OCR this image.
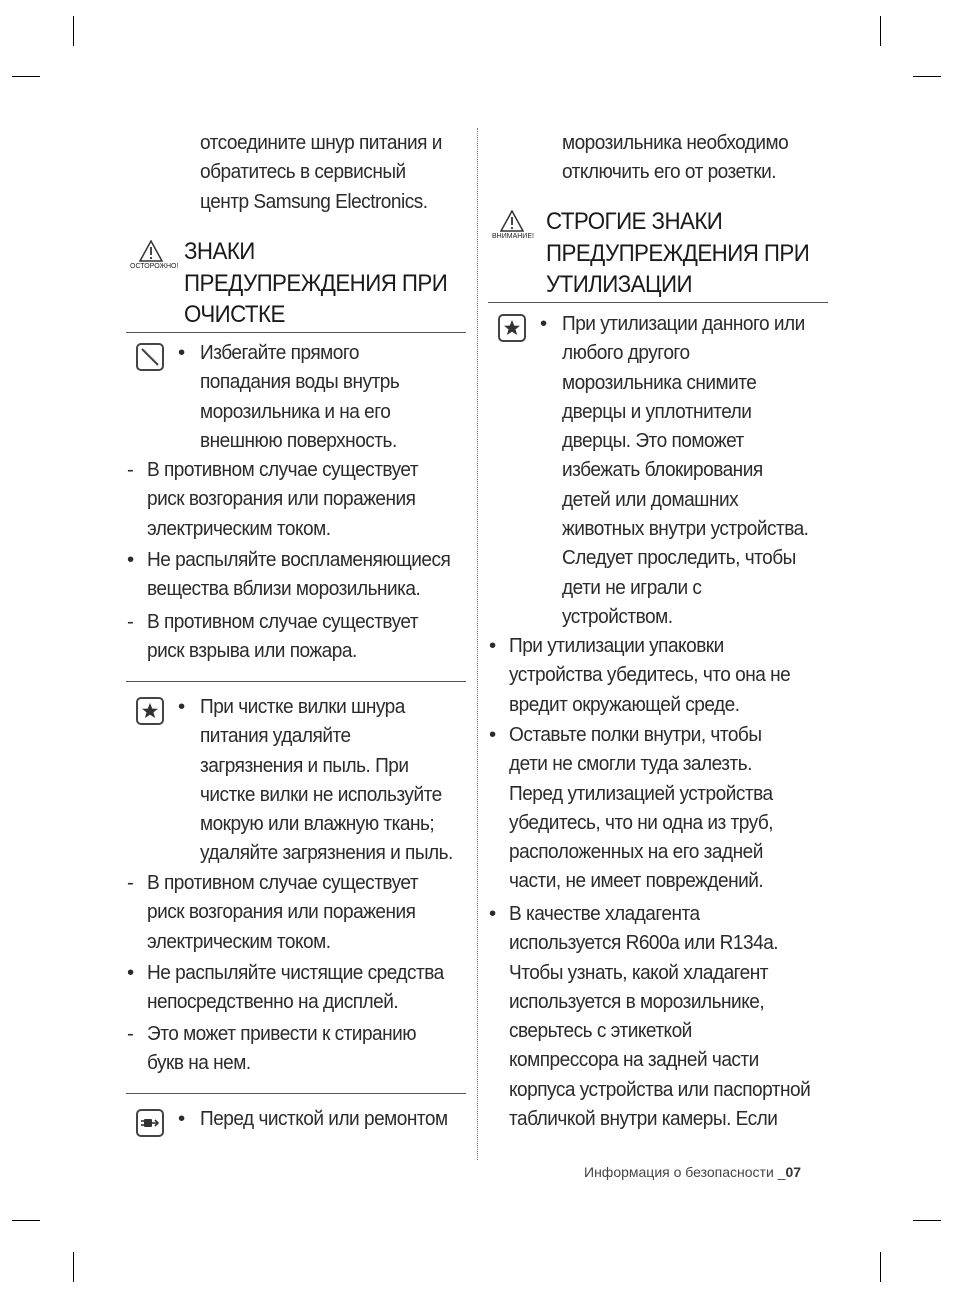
отсоедините шнур питания и
обратитесь в сервисный
центр Samsung Electronics.
ОСТОРОЖНО!
ЗНАКИ
ПРЕДУПРЕЖДЕНИЯ ПРИ
ОЧИСТКЕ
• Избегайте прямого
попадания воды внутрь
морозильника и на его
внешнюю поверхность.
- В противном случае существует
риск возгорания или поражения
электрическим током.
• Не распыляйте воспламеняющиеся
вещества вблизи морозильника.
- В противном случае существует
риск взрыва или пожара.
• При чистке вилки шнура
питания удаляйте
загрязнения и пыль. При
чистке вилки не используйте
мокрую или влажную ткань;
удаляйте загрязнения и пыль.
- В противном случае существует
риск возгорания или поражения
электрическим током.
• Не распыляйте чистящие средства
непосредственно на дисплей.
- Это может привести к стиранию
букв на нем.
• Перед чисткой или ремонтом
морозильника необходимо
отключить его от розетки.
ВНИМАНИЕ!
СТРОГИЕ ЗНАКИ
ПРЕДУПРЕЖДЕНИЯ ПРИ
УТИЛИЗАЦИИ
• При утилизации данного или
любого другого
морозильника снимите
дверцы и уплотнители
дверцы. Это поможет
избежать блокирования
детей или домашних
животных внутри устройства.
Следует проследить, чтобы
дети не играли с
устройством.
• При утилизации упаковки
устройства убедитесь, что она не
вредит окружающей среде.
• Оставьте полки внутри, чтобы
дети не смогли туда залезть.
Перед утилизацией устройства
убедитесь, что ни одна из труб,
расположенных на его задней
части, не имеет повреждений.
• В качестве хладагента
используется R600a или R134a.
Чтобы узнать, какой хладагент
используется в морозильнике,
сверьтесь с этикеткой
компрессора на задней части
корпуса устройства или паспортной
табличкой внутри камеры. Если
Информация о безопасности _07
